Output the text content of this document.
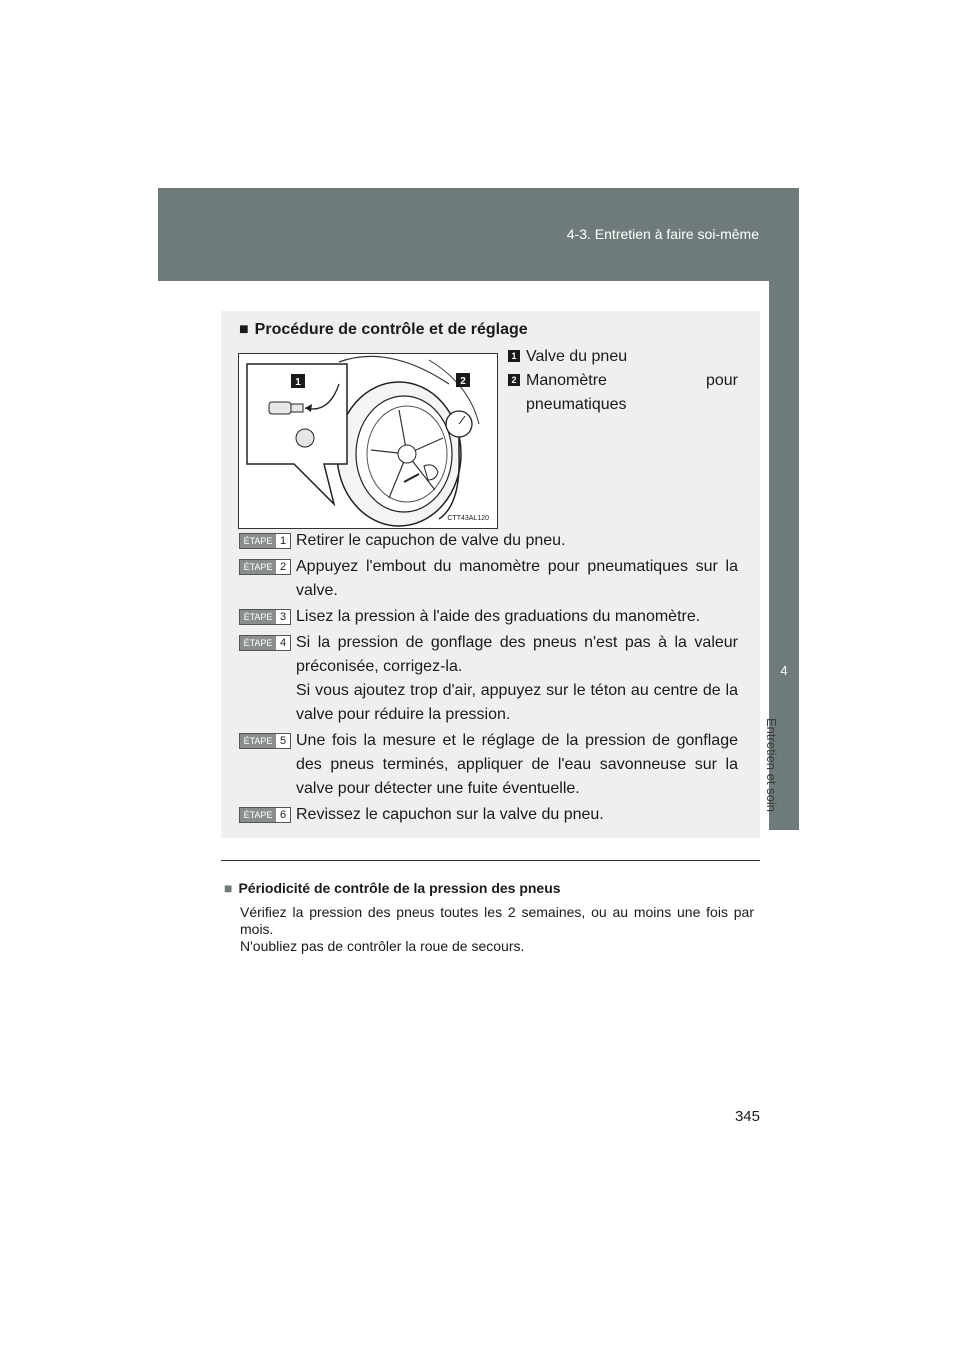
4-3. Entretien à faire soi-même
4
Entretien et soin
■ Procédure de contrôle et de réglage
1	2
CTT43AL120
1 Valve du pneu
2 Manomètre pour
pneumatiques
ÉTAPE 1 Retirer le capuchon de valve du pneu.
ÉTAPE 2 Appuyez l'embout du manomètre pour pneumatiques sur la valve.
ÉTAPE 3 Lisez la pression à l'aide des graduations du manomètre.
ÉTAPE 4 Si la pression de gonflage des pneus n'est pas à la valeur préconisée, corrigez-la.
Si vous ajoutez trop d'air, appuyez sur le téton au centre de la valve pour réduire la pression.
ÉTAPE 5 Une fois la mesure et le réglage de la pression de gonflage des pneus terminés, appliquer de l'eau savonneuse sur la valve pour détecter une fuite éventuelle.
ÉTAPE 6 Revissez le capuchon sur la valve du pneu.
■ Périodicité de contrôle de la pression des pneus

Vérifiez la pression des pneus toutes les 2 semaines, ou au moins une fois par mois.

N'oubliez pas de contrôler la roue de secours.

345
